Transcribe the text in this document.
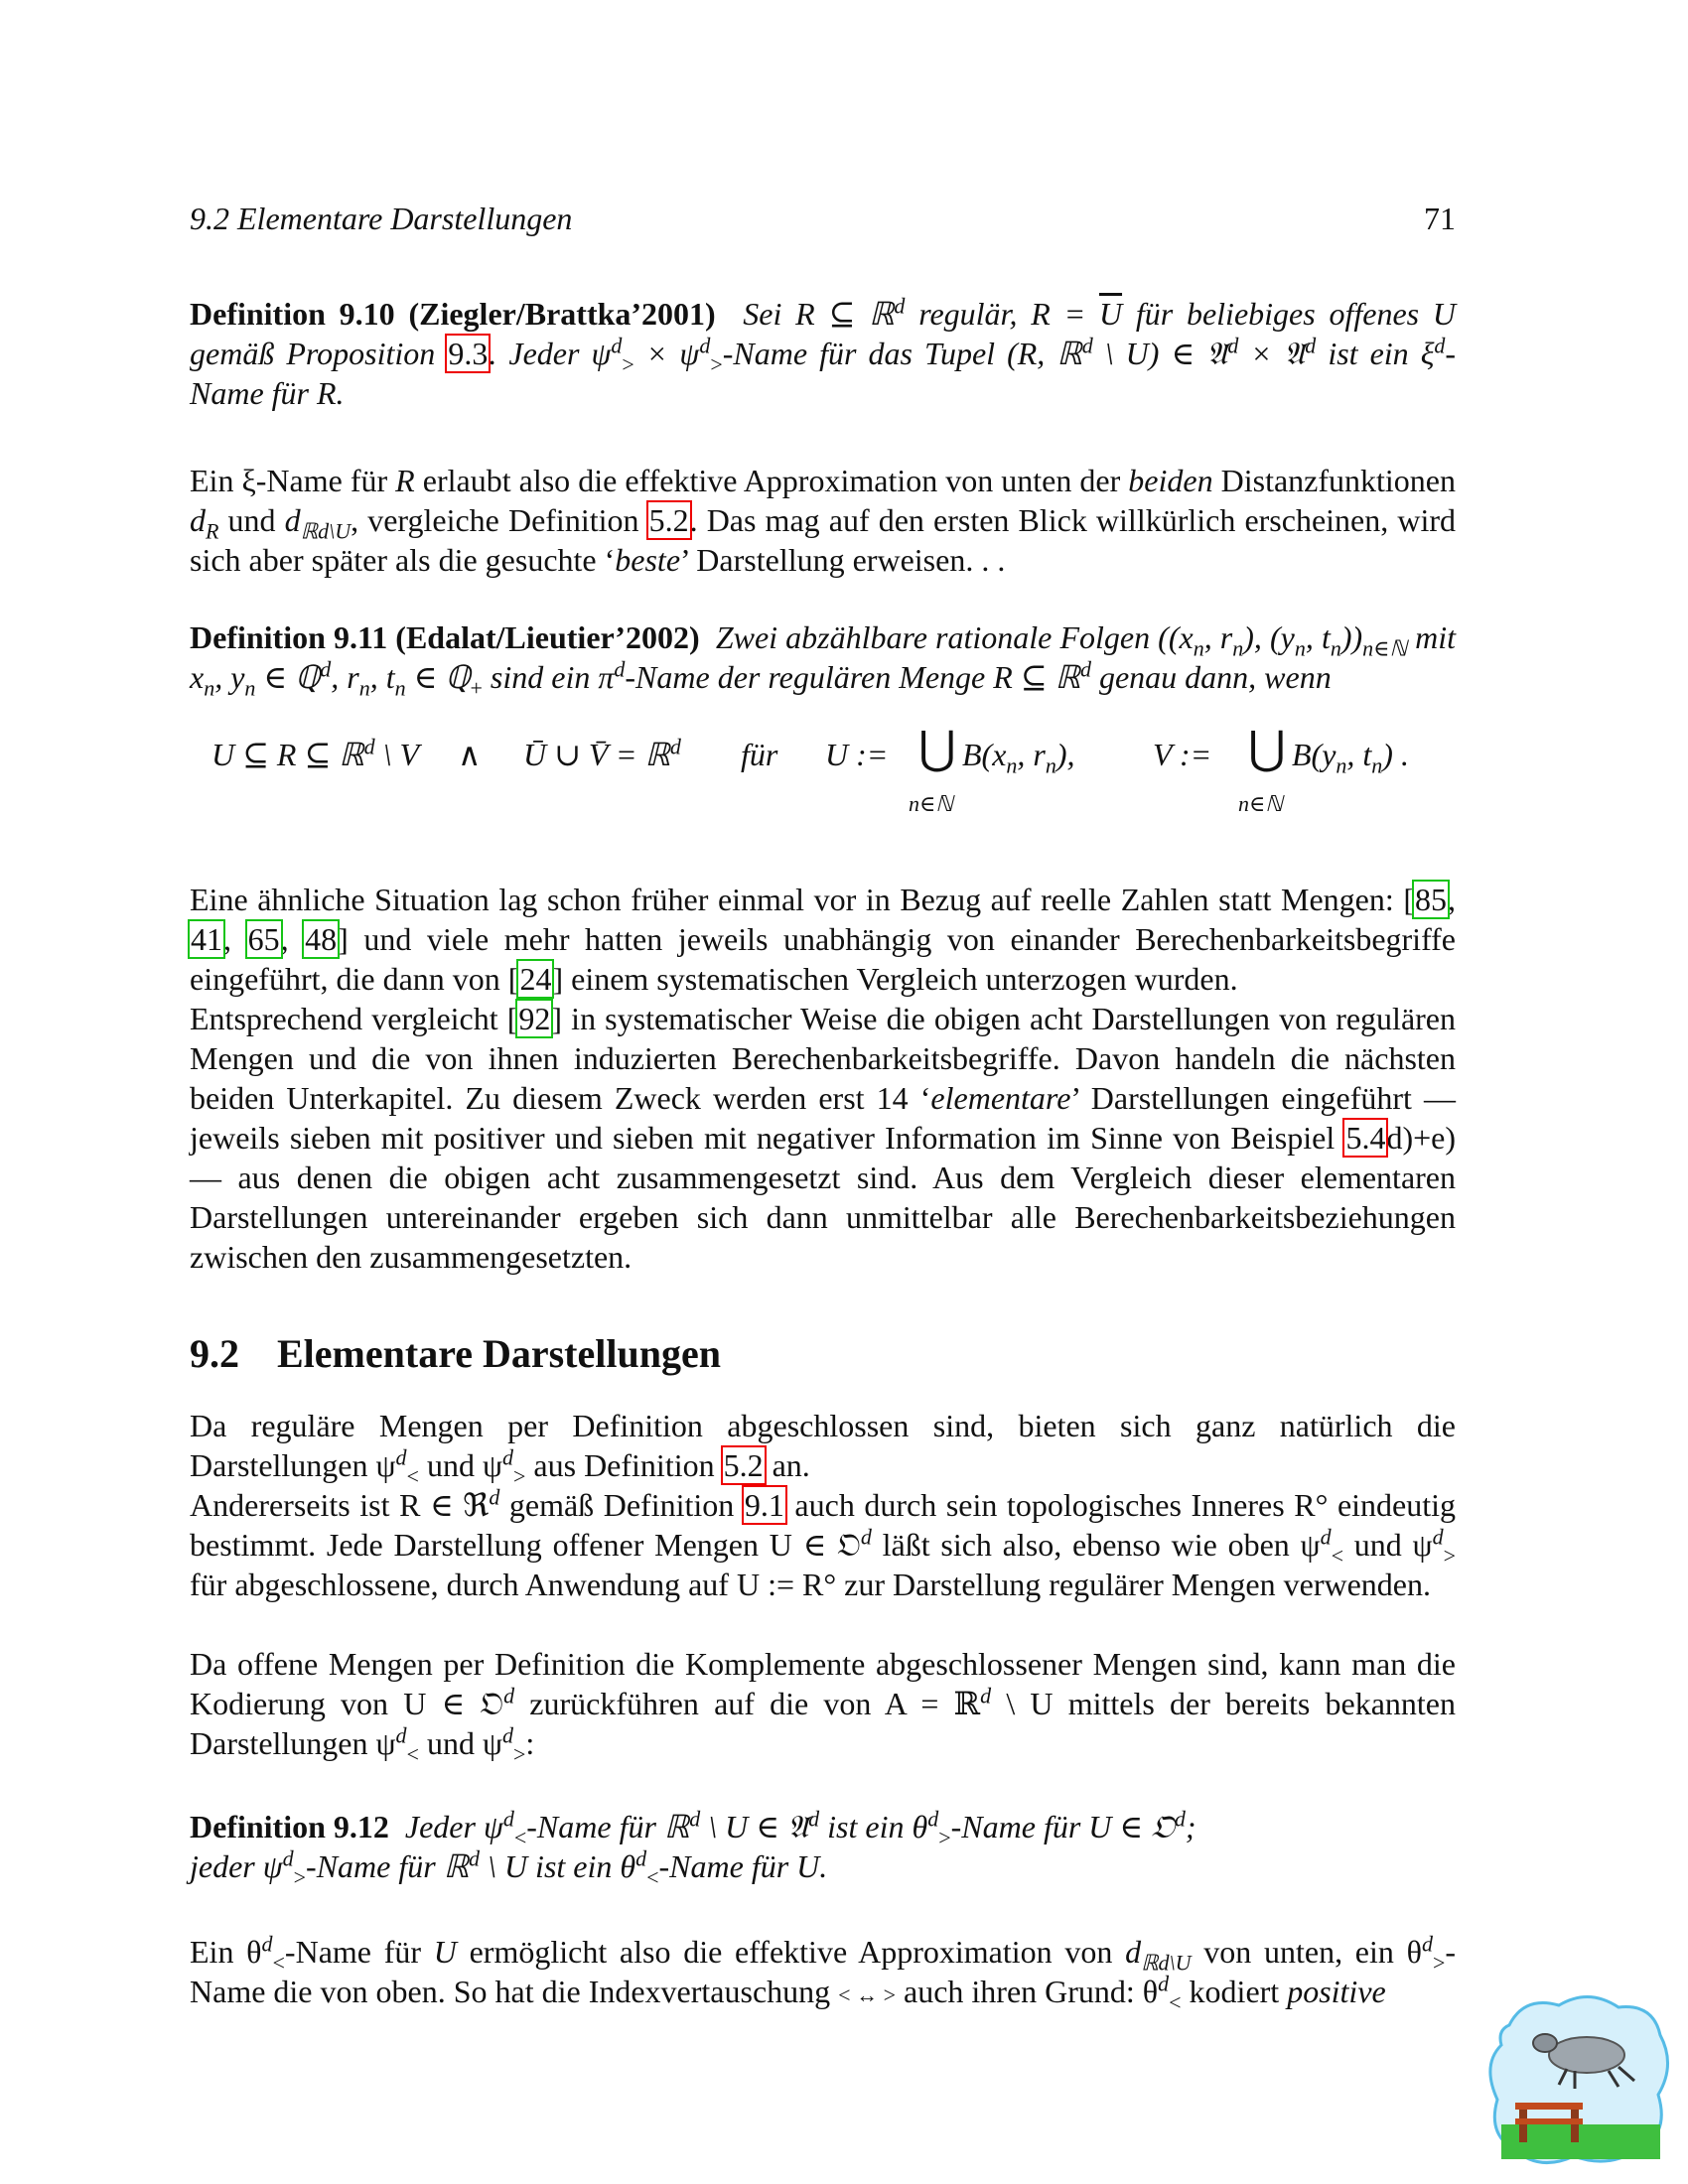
9.2 Elementare Darstellungen	71
Definition 9.10 (Ziegler/Brattka’2001) Sei R ⊆ ℝ$^d$ regulär, $R = \overline{U}$ für beliebiges offenes U gemäß Proposition 9.3. Jeder $\psi^d_>$ × $\psi^d_>$-Name für das Tupel (R, ℝ$^d$ \ U) ∈ 𝔄$^d$ × 𝔄$^d$ ist ein $\xi^d-$ Name für R.
Ein ξ-Name für R erlaubt also die effektive Approximation von unten der beiden Distanzfunktionen $d_R$ und $d_{ℝd\backslash U}$, vergleiche Definition 5.2. Das mag auf den ersten Blick willkürlich erscheinen, wird sich aber später als die gesuchte ‘beste’ Darstellung erweisen. . .
Definition 9.11 (Edalat/Lieutier’2002) Zwei abzählbare rationale Folgen (($x_n$, $r_n$), ($y_n$, $t_n))_{n\in ℕ}$ mit $x_n$, $y_n$ ∈ ℚ$^d$, $r_n$, $t_n$ ∈ ℚ$_+$ sind ein $\pi^d$-Name der regulären Menge R ⊆ ℝ$^d$ genau dann, wenn
U ⊆ R ⊆ ℝ$^d$ \ V ∧ Ū ∪ V̄ = ℝ$^d$ für U := ⋃
n∈ℕ
$B(x_n$, $r_n$), V := ⋃
n∈ℕ
$B(y_n$, $t_n$) .
Eine ähnliche Situation lag schon früher einmal vor in Bezug auf reelle Zahlen statt Mengen: [85, 41, 65, 48] und viele mehr hatten jeweils unabhängig von einander Berechenbarkeitsbegriffe eingeführt, die dann von [24] einem systematischen Vergleich unterzogen wurden.
Entsprechend vergleicht [92] in systematischer Weise die obigen acht Darstellungen von regulären Mengen und die von ihnen induzierten Berechenbarkeitsbegriffe. Davon handeln die nächsten beiden Unterkapitel. Zu diesem Zweck werden erst 14 ‘elementare’ Darstellungen eingeführt — jeweils sieben mit positiver und sieben mit negativer Information im Sinne von Beispiel 5.4d)+e) — aus denen die obigen acht zusammengesetzt sind. Aus dem Vergleich dieser elementaren Darstellungen untereinander ergeben sich dann unmittelbar alle Berechenbarkeitsbeziehungen zwischen den zusammengesetzten.
9.2 Elementare Darstellungen
Da reguläre Mengen per Definition abgeschlossen sind, bieten sich ganz natürlich die Darstellungen $\psi^d_<$ und $\psi^d_>$ aus Definition 5.2 an.
Andererseits ist R ∈ ℜ$^d$ gemäß Definition 9.1 auch durch sein topologisches Inneres R° eindeutig bestimmt. Jede Darstellung offener Mengen U ∈ 𝔒$^d$ läßt sich also, ebenso wie oben $\psi^d_<$ und $\psi^d_>$ für abgeschlossene, durch Anwendung auf U := R° zur Darstellung regulärer Mengen verwenden.
Da offene Mengen per Definition die Komplemente abgeschlossener Mengen sind, kann man die Kodierung von U ∈ 𝔒$^d$ zurückführen auf die von A = ℝ$^d$ \ U mittels der bereits bekannten Darstellungen $\psi^d_<$ und $\psi^d_>$:
Definition 9.12 Jeder $\psi^d_<$-Name für ℝ$^d$ \ U ∈ 𝔄$^d$ ist ein $\theta^d_>$-Name für U ∈ 𝔒$^d$;
jeder $\psi^d_>$-Name für ℝ$^d$ \ U ist ein $\theta^d_<$-Name für U.
Ein $\theta^d_<$-Name für U ermöglicht also die effektive Approximation von $d_{ℝd\backslash U}$ von unten, ein $\theta^d_>$-Name die von oben. So hat die Indexvertauschung < ↔ > auch ihren Grund: $\theta^d_<$ kodiert positive
